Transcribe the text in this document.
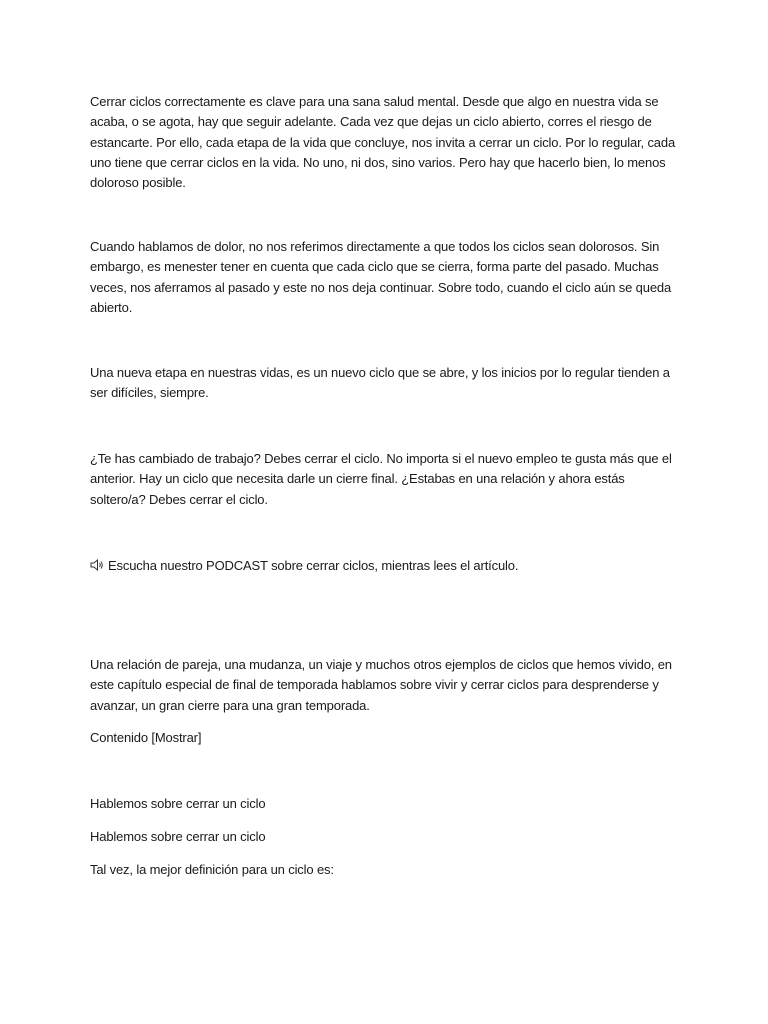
Cerrar ciclos correctamente es clave para una sana salud mental. Desde que algo en nuestra vida se acaba, o se agota, hay que seguir adelante. Cada vez que dejas un ciclo abierto, corres el riesgo de estancarte. Por ello, cada etapa de la vida que concluye, nos invita a cerrar un ciclo. Por lo regular, cada uno tiene que cerrar ciclos en la vida. No uno, ni dos, sino varios. Pero hay que hacerlo bien, lo menos doloroso posible.

Cuando hablamos de dolor, no nos referimos directamente a que todos los ciclos sean dolorosos. Sin embargo, es menester tener en cuenta que cada ciclo que se cierra, forma parte del pasado. Muchas veces, nos aferramos al pasado y este no nos deja continuar. Sobre todo, cuando el ciclo aún se queda abierto.

Una nueva etapa en nuestras vidas, es un nuevo ciclo que se abre, y los inicios por lo regular tienden a ser difíciles, siempre.

¿Te has cambiado de trabajo? Debes cerrar el ciclo. No importa si el nuevo empleo te gusta más que el anterior. Hay un ciclo que necesita darle un cierre final. ¿Estabas en una relación y ahora estás soltero/a? Debes cerrar el ciclo.

Escucha nuestro PODCAST sobre cerrar ciclos, mientras lees el artículo.

Una relación de pareja, una mudanza, un viaje y muchos otros ejemplos de ciclos que hemos vivido, en este capítulo especial de final de temporada hablamos sobre vivir y cerrar ciclos para desprenderse y avanzar, un gran cierre para una gran temporada.

Contenido [Mostrar]

Hablemos sobre cerrar un ciclo

Hablemos sobre cerrar un ciclo

Tal vez, la mejor definición para un ciclo es:
